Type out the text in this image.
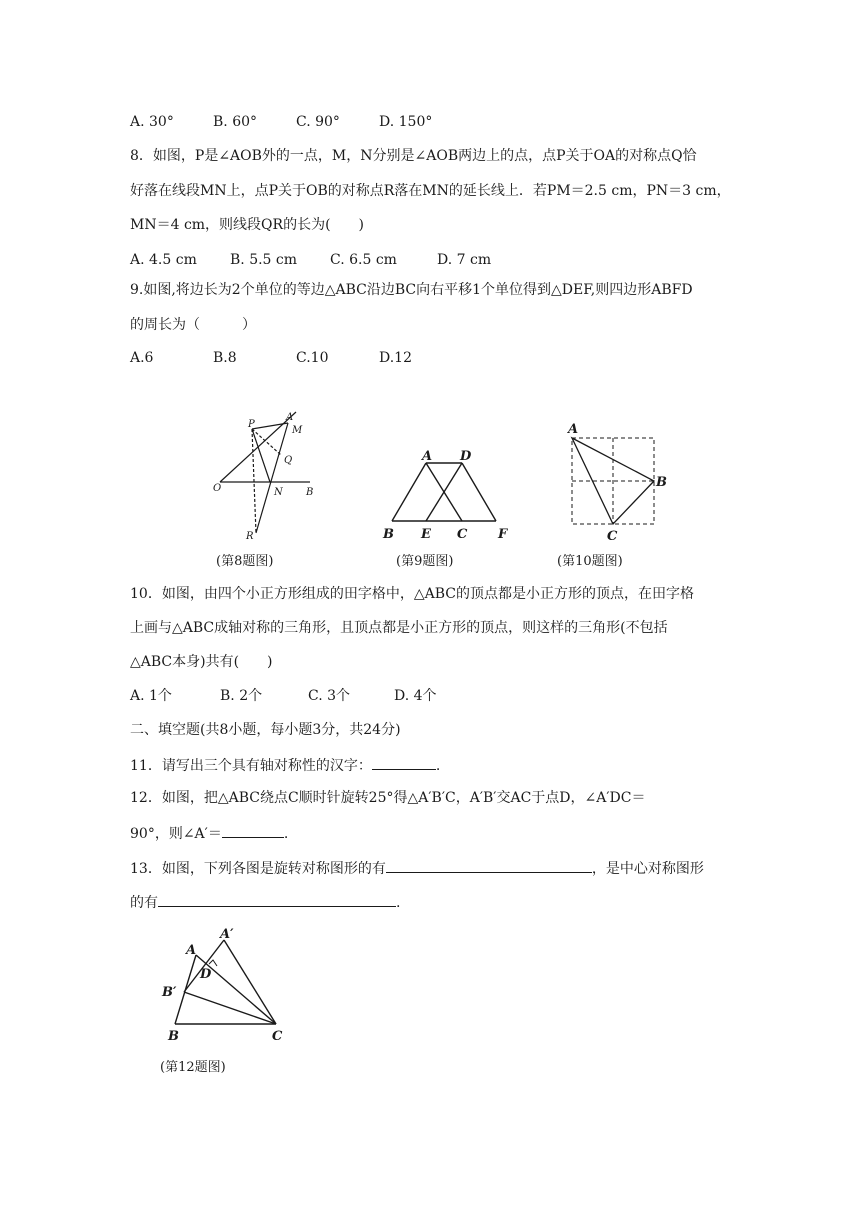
A. 30°	B. 60°	C. 90°	D. 150°
8．如图，P是∠AOB外的一点，M，N分别是∠AOB两边上的点，点P关于OA的对称点Q恰
好落在线段MN上，点P关于OB的对称点R落在MN的延长线上．若PM＝2.5 cm，PN＝3 cm，
MN＝4 cm，则线段QR的长为(　　)
A. 4.5 cm B. 5.5 cm C. 6.5 cm	D. 7 cm
9.如图,将边长为2个单位的等边△ABC沿边BC向右平移1个单位得到△DEF,则四边形ABFD
的周长为（　　　）
A.6	B.8	C.10	D.12
P
A
M
Q
O	N B
R
(第8题图)
A D
B E C F
(第9题图)
A
B
C
(第10题图)
10．如图，由四个小正方形组成的田字格中，△ABC的顶点都是小正方形的顶点，在田字格
上画与△ABC成轴对称的三角形，且顶点都是小正方形的顶点，则这样的三角形(不包括
△ABC本身)共有(　　)
A. 1个	B. 2个	C. 3个	D. 4个
二、填空题(共8小题，每小题3分，共24分)
11．请写出三个具有轴对称性的汉字：	.
12．如图，把△ABC绕点C顺时针旋转25°得△A′B′C，A′B′交AC于点D，∠A′DC＝
90°，则∠A′＝	.
13．如图，下列各图是旋转对称图形的有	，是中心对称图形
的有	.
A
A′
D
B′
B	C
(第12题图)
